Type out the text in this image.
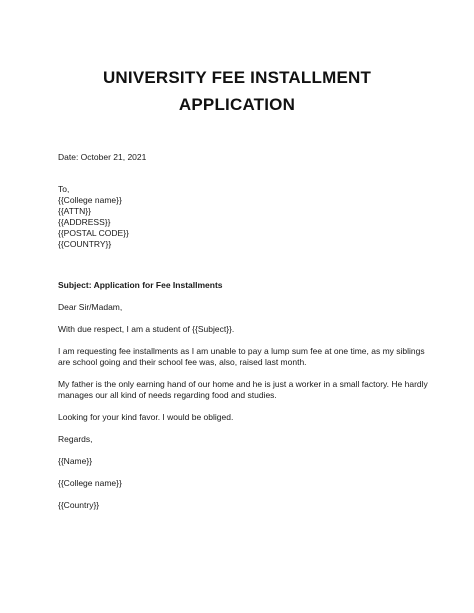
UNIVERSITY FEE INSTALLMENT
APPLICATION
Date: October 21, 2021
To,
{{College name}}
{{ATTN}}
{{ADDRESS}}
{{POSTAL CODE}}
{{COUNTRY}}
Subject: Application for Fee Installments
Dear Sir/Madam,
With due respect, I am a student of {{Subject}}.
I am requesting fee installments as I am unable to pay a lump sum fee at one time, as my siblings are school going and their school fee was, also, raised last month.
My father is the only earning hand of our home and he is just a worker in a small factory. He hardly manages our all kind of needs regarding food and studies.
Looking for your kind favor. I would be obliged.
Regards,
{{Name}}
{{College name}}
{{Country}}
